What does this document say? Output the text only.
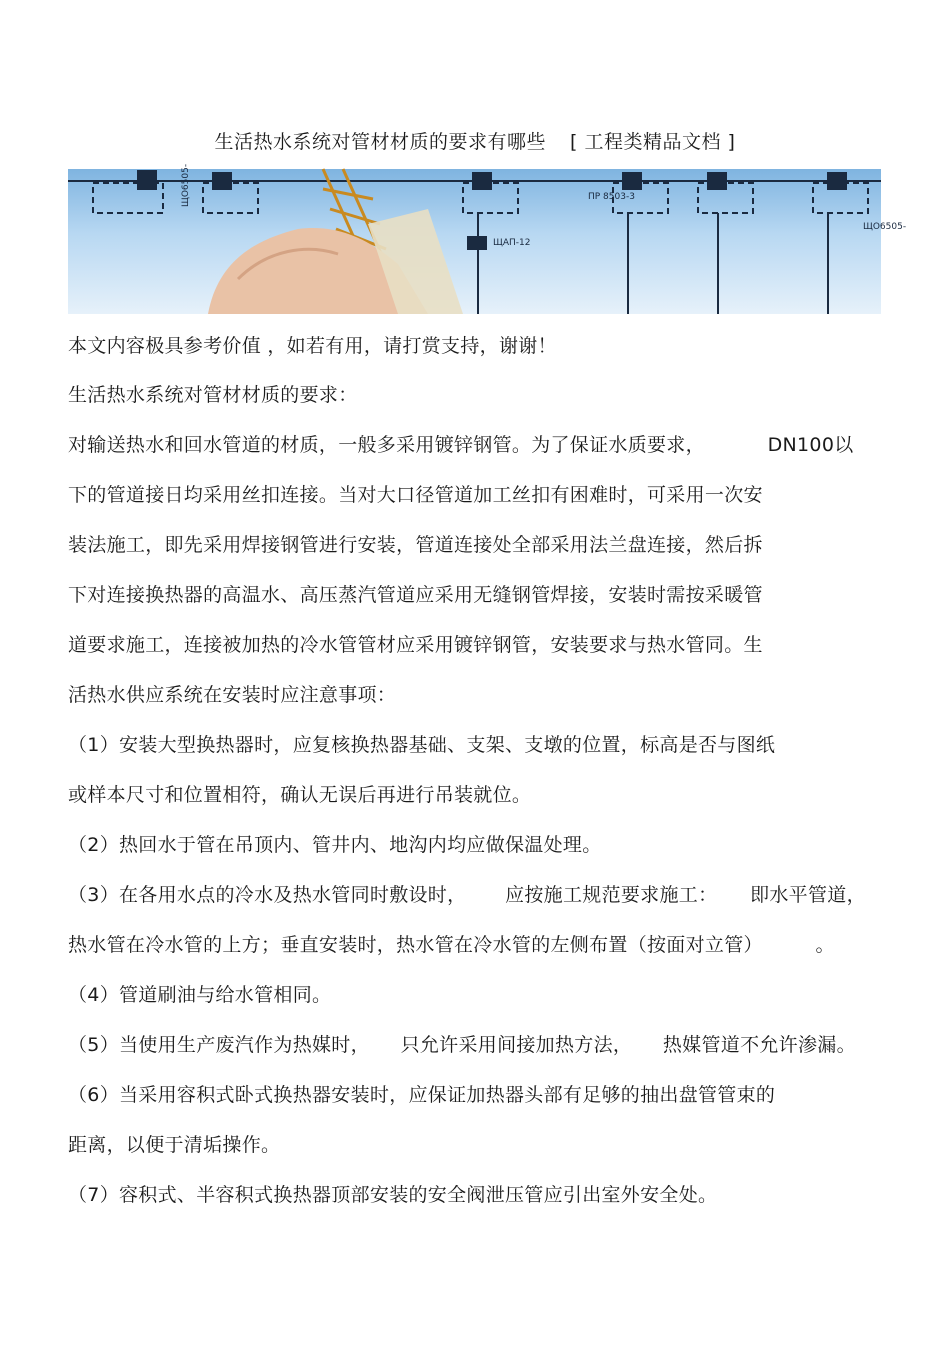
生活热水系统对管材材质的要求有哪些 [ 工程类精品文档 ]
ЩО6505-	ПР 8503-3
ЩАП-12
ЩО6505-
本文内容极具参考价值 ，如若有用，请打赏支持，谢谢！
生活热水系统对管材材质的要求：
对输送热水和回水管道的材质，一般多采用镀锌钢管。为了保证水质要求，	DN100以
下的管道接日均采用丝扣连接。当对大口径管道加工丝扣有困难时，可采用一次安
装法施工，即先采用焊接钢管进行安装，管道连接处全部采用法兰盘连接，然后拆
下对连接换热器的高温水、高压蒸汽管道应采用无缝钢管焊接，安装时需按采暖管
道要求施工，连接被加热的冷水管管材应采用镀锌钢管，安装要求与热水管同。生
活热水供应系统在安装时应注意事项：
（1）安装大型换热器时，应复核换热器基础、支架、支墩的位置，标高是否与图纸
或样本尺寸和位置相符，确认无误后再进行吊装就位。
（2）热回水于管在吊顶内、管井内、地沟内均应做保温处理。
（3）在各用水点的冷水及热水管同时敷设时， 应按施工规范要求施工： 即水平管道，
热水管在冷水管的上方；垂直安装时，热水管在冷水管的左侧布置（按面对立管）	。
（4）管道刷油与给水管相同。
（5）当使用生产废汽作为热媒时， 只允许采用间接加热方法， 热媒管道不允许渗漏。
（6）当采用容积式卧式换热器安装时，应保证加热器头部有足够的抽出盘管管束的
距离，以便于清垢操作。
（7）容积式、半容积式换热器顶部安装的安全阀泄压管应引出室外安全处。
